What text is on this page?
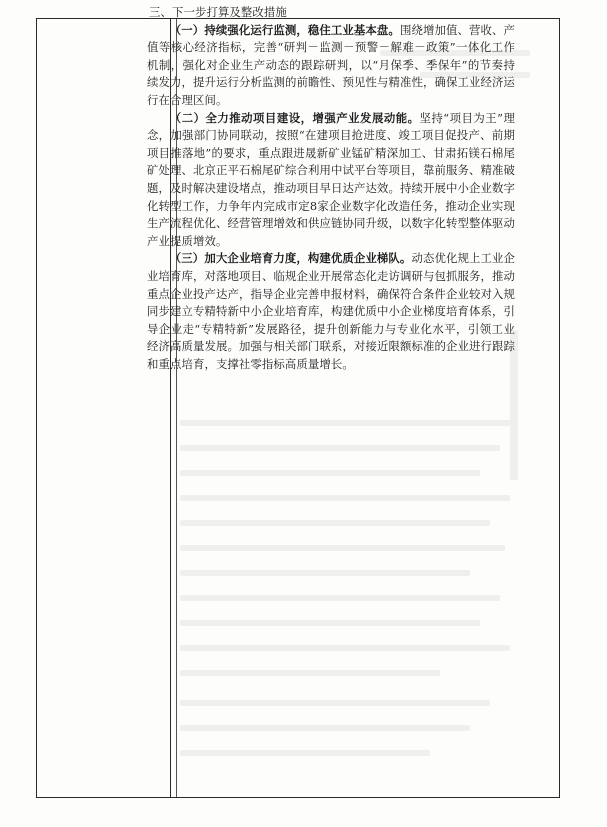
三、下一步打算及整改措施

（一）持续强化运行监测，稳住工业基本盘。围绕增加值、营收、产值等核心经济指标，完善“研判－监测－预警－解难－政策”一体化工作机制，强化对企业生产动态的跟踪研判，以“月保季、季保年”的节奏持续发力，提升运行分析监测的前瞻性、预见性与精准性，确保工业经济运行在合理区间。

（二）全力推动项目建设，增强产业发展动能。坚持“项目为王”理念，加强部门协同联动，按照“在建项目抢进度、竣工项目促投产、前期项目推落地”的要求，重点跟进晟新矿业锰矿精深加工、甘肃拓镁石棉尾矿处理、北京正平石棉尾矿综合利用中试平台等项目，靠前服务、精准破题，及时解决建设堵点，推动项目早日达产达效。持续开展中小企业数字化转型工作，力争年内完成市定8家企业数字化改造任务，推动企业实现生产流程优化、经营管理增效和供应链协同升级，以数字化转型整体驱动产业提质增效。

（三）加大企业培育力度，构建优质企业梯队。动态优化规上工业企业培育库，对落地项目、临规企业开展常态化走访调研与包抓服务，推动重点企业投产达产，指导企业完善申报材料，确保符合条件企业较对入规同步建立专精特新中小企业培育库，构建优质中小企业梯度培育体系，引导企业走“专精特新”发展路径，提升创新能力与专业化水平，引领工业经济高质量发展。加强与相关部门联系，对接近限额标准的企业进行跟踪和重点培育，支撑社零指标高质量增长。
